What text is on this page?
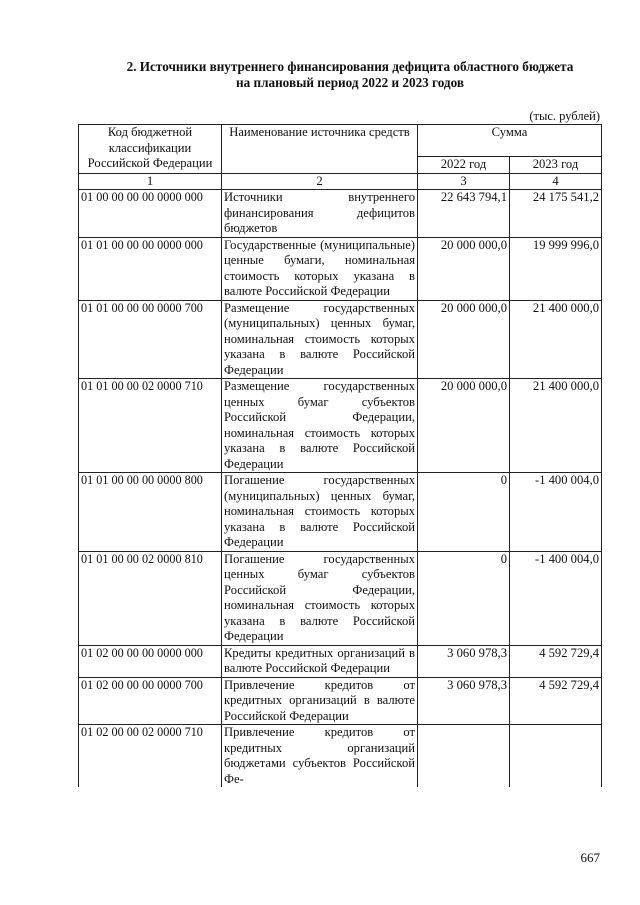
2. Источники внутреннего финансирования дефицита областного бюджета
на плановый период 2022 и 2023 годов
(тыс. рублей)
Код бюджетной классификации Российской Федерации	Наименование источника средств	Сумма	

		2022 год	2023 год
1	2	3	4
01 00 00 00 00 0000 000	Источники внутреннего финансирования дефицитов бюджетов	22 643 794,1	24 175 541,2
01 01 00 00 00 0000 000	Государственные (муниципальные) ценные бумаги, номинальная стоимость которых указана в валюте Российской Федерации	20 000 000,0	19 999 996,0
01 01 00 00 00 0000 700	Размещение государственных (муниципальных) ценных бумаг, номинальная стоимость которых указана в валюте Российской Федерации	20 000 000,0	21 400 000,0
01 01 00 00 02 0000 710	Размещение государственных ценных бумаг субъектов Российской Федерации, номинальная стоимость которых указана в валюте Российской Федерации	20 000 000,0	21 400 000,0
01 01 00 00 00 0000 800	Погашение государственных (муниципальных) ценных бумаг, номинальная стоимость которых указана в валюте Российской Федерации	0	-1 400 004,0
01 01 00 00 02 0000 810	Погашение государственных ценных бумаг субъектов Российской Федерации, номинальная стоимость которых указана в валюте Российской Федерации	0	-1 400 004,0
01 02 00 00 00 0000 000	Кредиты кредитных организаций в валюте Российской Федерации	3 060 978,3	4 592 729,4
01 02 00 00 00 0000 700	Привлечение кредитов от кредитных организаций в валюте Российской Федерации	3 060 978,3	4 592 729,4
01 02 00 00 02 0000 710	Привлечение кредитов от кредитных организаций бюджетами субъектов Российской Фе-		
667
